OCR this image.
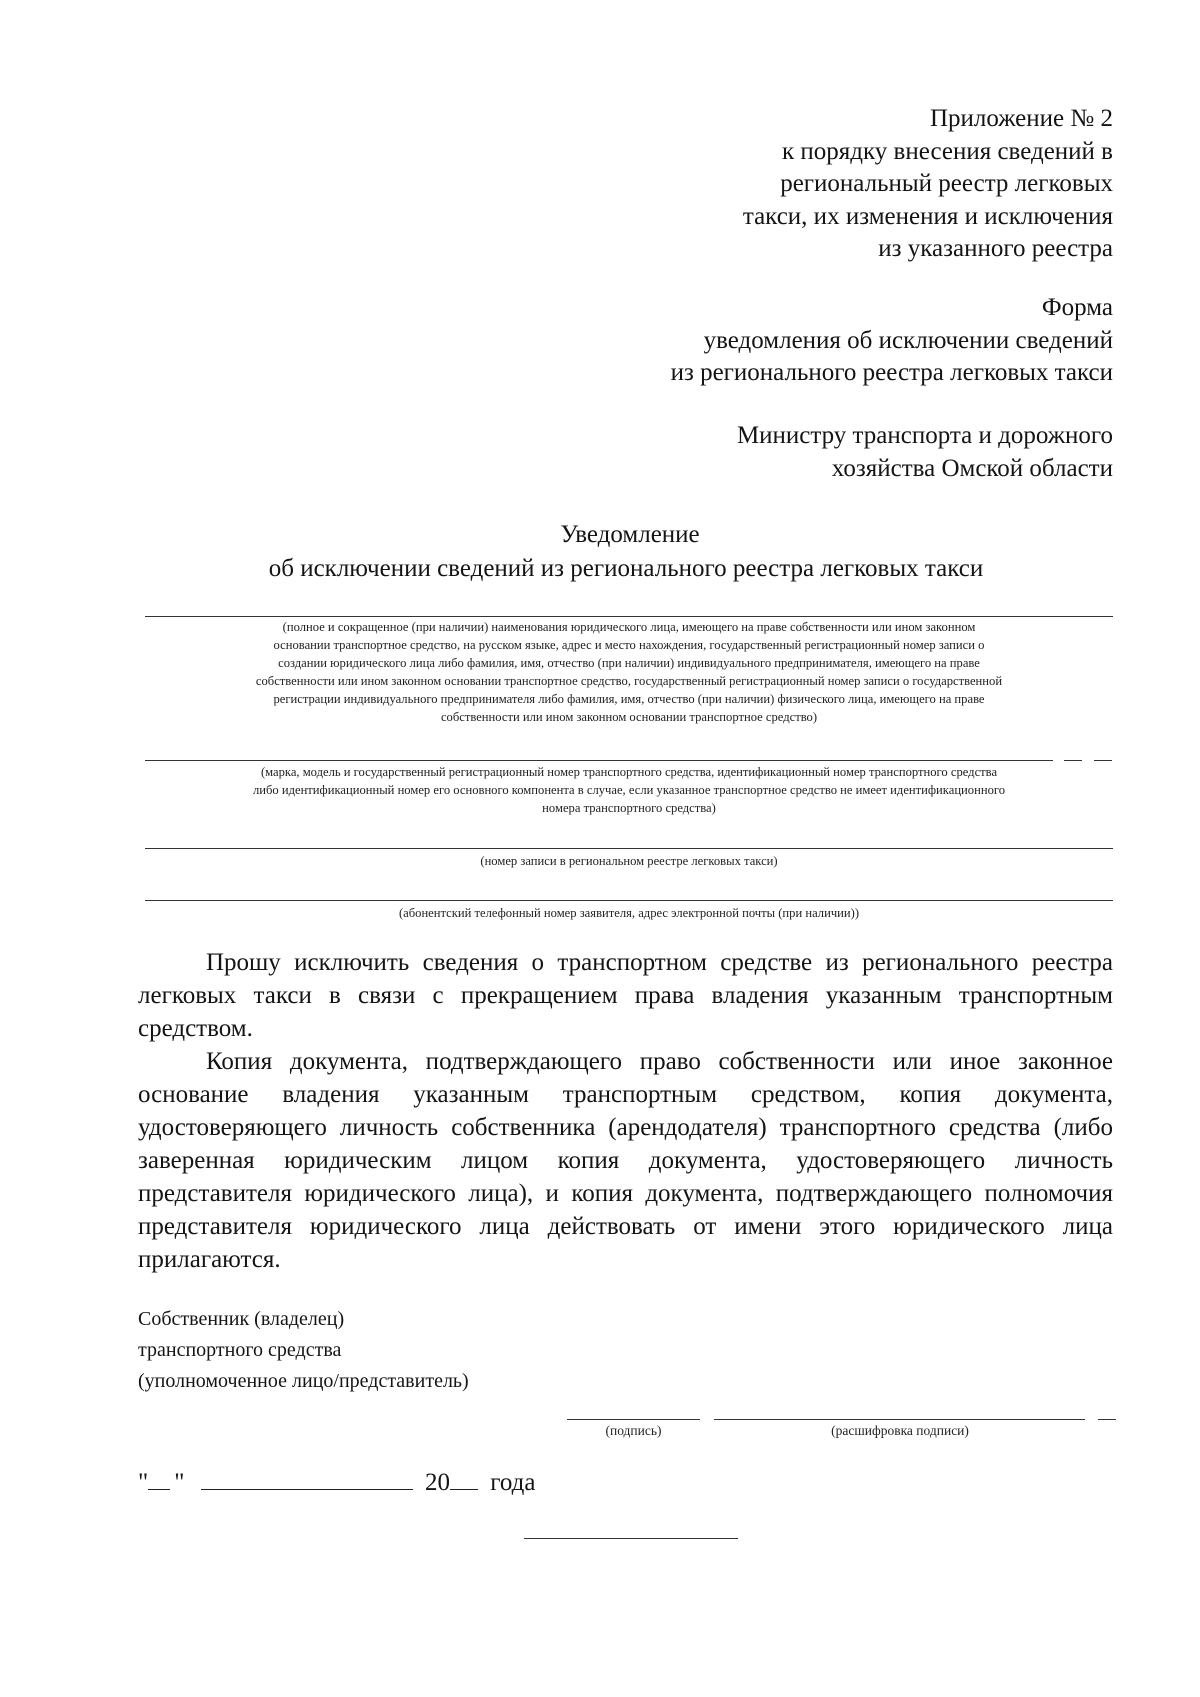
Приложение № 2
к порядку внесения сведений в
региональный реестр легковых
такси, их изменения и исключения
из указанного реестра
Форма
уведомления об исключении сведений
из регионального реестра легковых такси
Министру транспорта и дорожного
хозяйства Омской области
Уведомление
об исключении сведений из регионального реестра легковых такси
(полное и сокращенное (при наличии) наименования юридического лица, имеющего на праве собственности или ином законном
основании транспортное средство, на русском языке, адрес и место нахождения, государственный регистрационный номер записи о
создании юридического лица либо фамилия, имя, отчество (при наличии) индивидуального предпринимателя, имеющего на праве
собственности или ином законном основании транспортное средство, государственный регистрационный номер записи о государственной
регистрации индивидуального предпринимателя либо фамилия, имя, отчество (при наличии) физического лица, имеющего на праве
собственности или ином законном основании транспортное средство)
(марка, модель и государственный регистрационный номер транспортного средства, идентификационный номер транспортного средства
либо идентификационный номер его основного компонента в случае, если указанное транспортное средство не имеет идентификационного
номера транспортного средства)
(номер записи в региональном реестре легковых такси)
(абонентский телефонный номер заявителя, адрес электронной почты (при наличии))

Прошу исключить сведения о транспортном средстве из регионального реестра легковых такси в связи с прекращением права владения указанным транспортным средством.

Копия документа, подтверждающего право собственности или иное законное основание владения указанным транспортным средством, копия документа, удостоверяющего личность собственника (арендодателя) транспортного средства (либо заверенная юридическим лицом копия документа, удостоверяющего личность представителя юридического лица), и копия документа, подтверждающего полномочия представителя юридического лица действовать от имени этого юридического лица прилагаются.

Собственник (владелец)
транспортного средства
(уполномоченное лицо/представитель)
(подпись)	(расшифровка подписи)
" "	20 года
